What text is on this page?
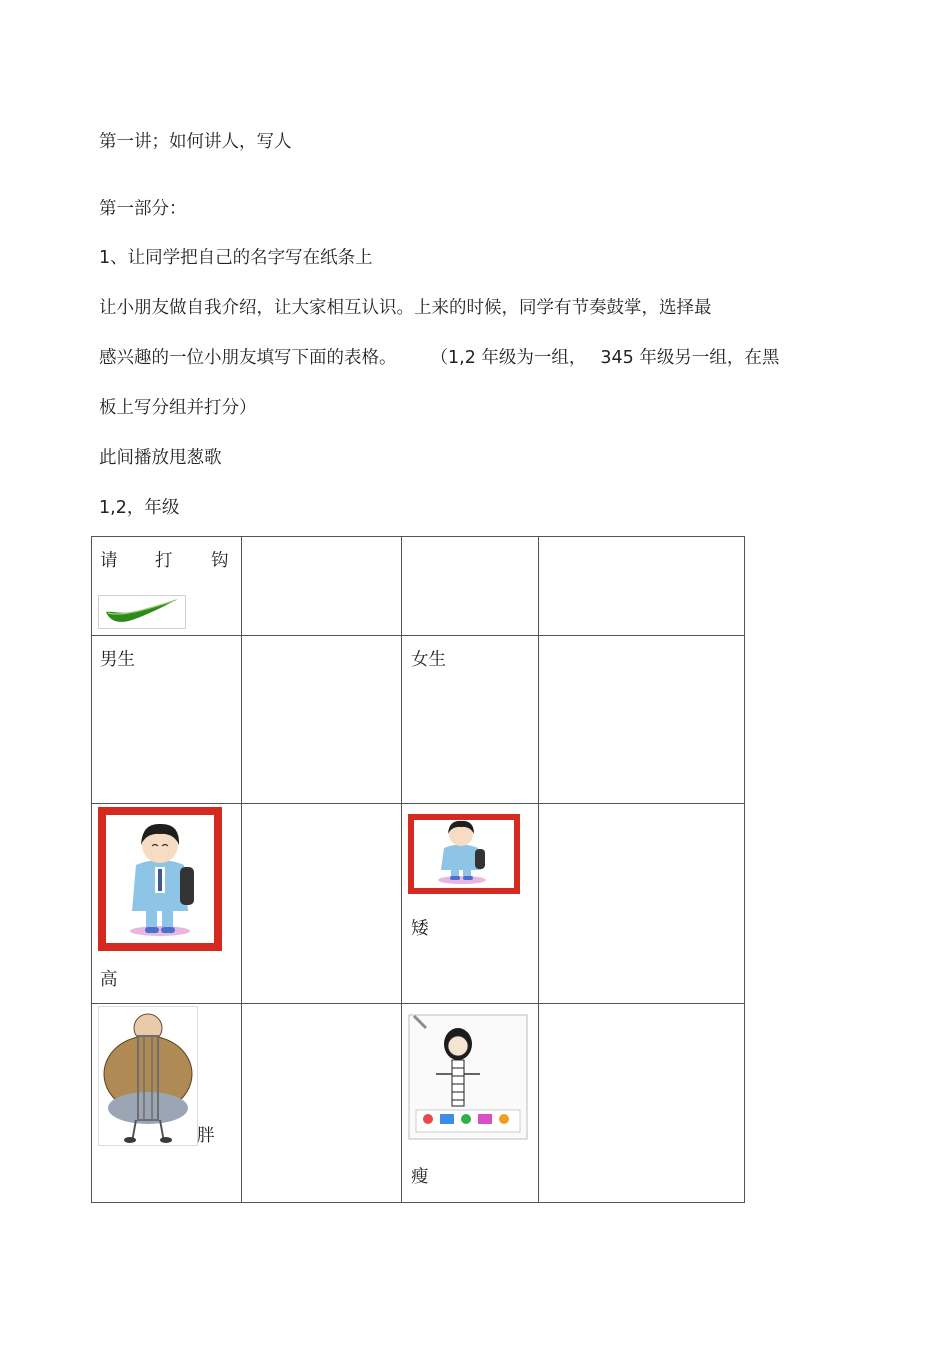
第一讲；如何讲人，写人
第一部分：
1、让同学把自己的名字写在纸条上
让小朋友做自我介绍，让大家相互认识。上来的时候，同学有节奏鼓掌，选择最
感兴趣的一位小朋友填写下面的表格。 （1,2 年级为一组， 345 年级另一组，在黑
板上写分组并打分）
此间播放甩葱歌
1,2，年级
请 打 钩			

男生		女生	

高		矮	

胖		瘦	
